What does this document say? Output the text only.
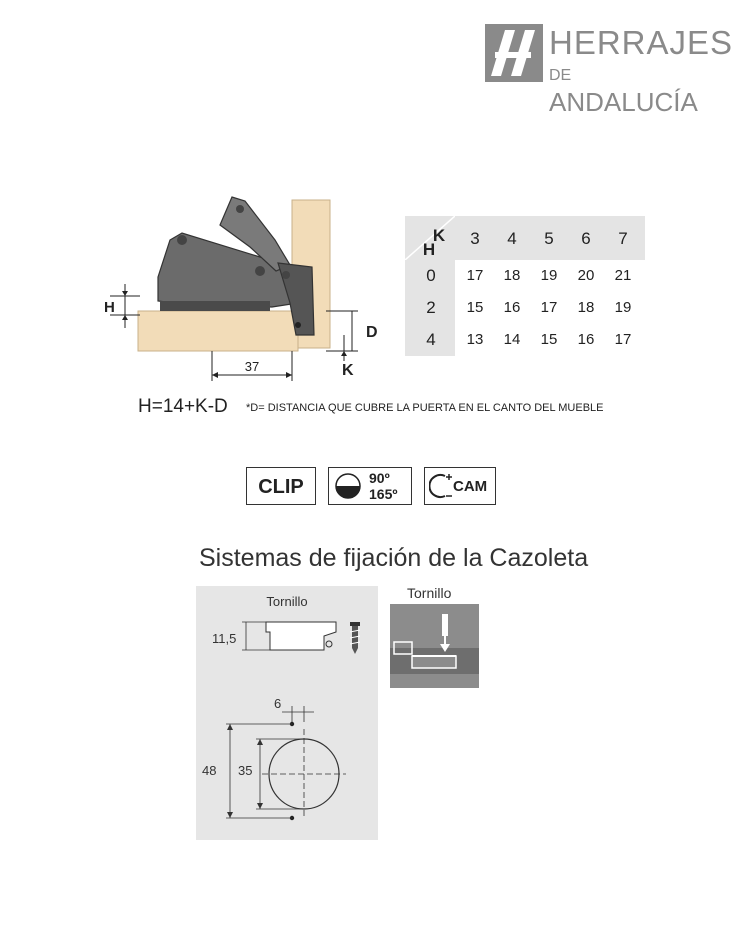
HERRAJES
DE ANDALUCÍA
H
D
K
37
K
H
3	4	5	6	7
0	17	18	19	20	21
2	15	16	17	18	19
4	13	14	15	16	17
H=14+K-D *D= DISTANCIA QUE CUBRE LA PUERTA EN EL CANTO DEL MUEBLE
CLIP	90º
165º	CAM
Sistemas de fijación de la Cazoleta
Tornillo
11,5
6
48 35
Tornillo
